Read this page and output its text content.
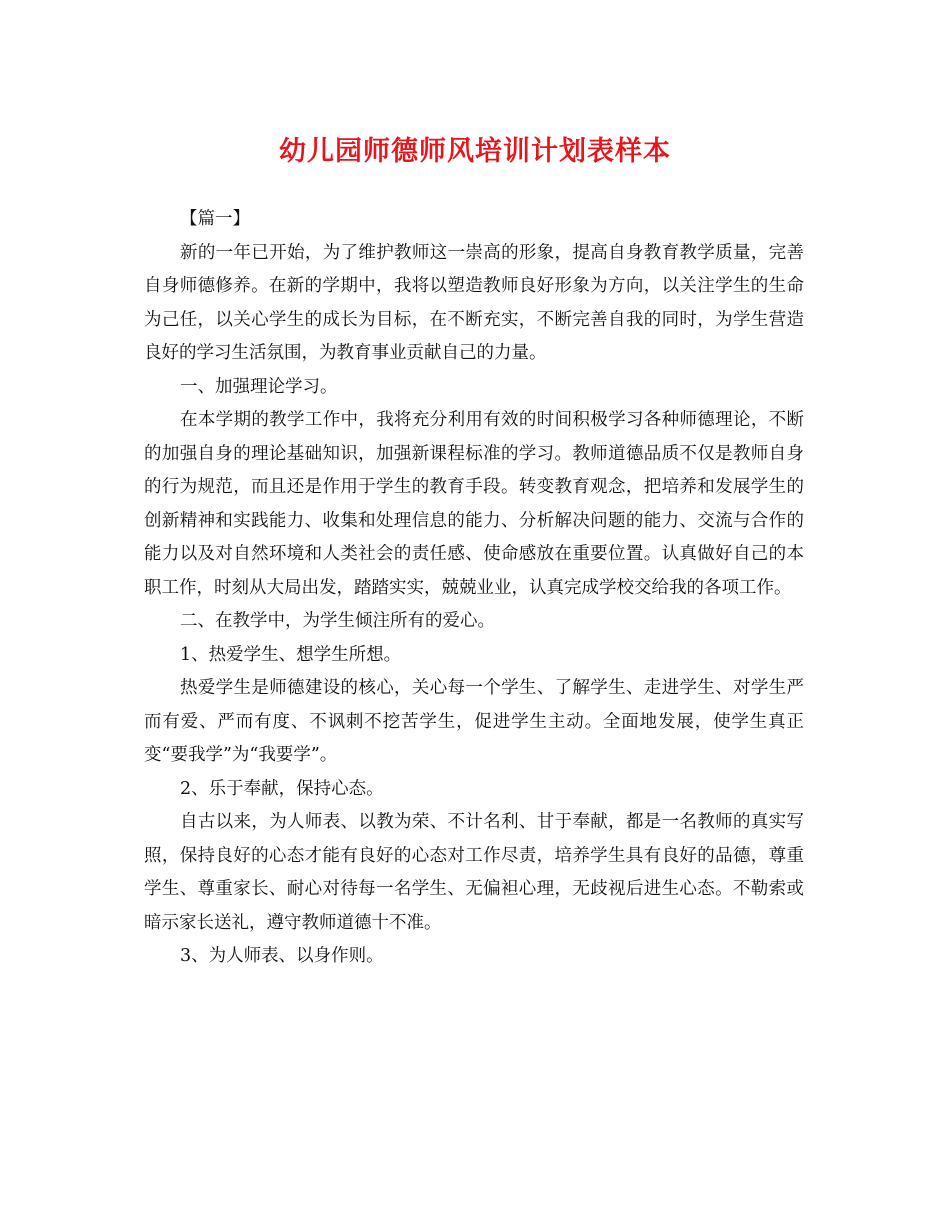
幼儿园师德师风培训计划表样本

【篇一】

新的一年已开始，为了维护教师这一崇高的形象，提高自身教育教学质量，完善自身师德修养。在新的学期中，我将以塑造教师良好形象为方向，以关注学生的生命为己任，以关心学生的成长为目标，在不断充实，不断完善自我的同时，为学生营造良好的学习生活氛围，为教育事业贡献自己的力量。

一、加强理论学习。

在本学期的教学工作中，我将充分利用有效的时间积极学习各种师德理论，不断的加强自身的理论基础知识，加强新课程标准的学习。教师道德品质不仅是教师自身的行为规范，而且还是作用于学生的教育手段。转变教育观念，把培养和发展学生的创新精神和实践能力、收集和处理信息的能力、分析解决问题的能力、交流与合作的能力以及对自然环境和人类社会的责任感、使命感放在重要位置。认真做好自己的本职工作，时刻从大局出发，踏踏实实，兢兢业业，认真完成学校交给我的各项工作。

二、在教学中，为学生倾注所有的爱心。

1、热爱学生、想学生所想。

热爱学生是师德建设的核心，关心每一个学生、了解学生、走进学生、对学生严而有爱、严而有度、不讽刺不挖苦学生，促进学生主动。全面地发展，使学生真正变“要我学”为“我要学”。

2、乐于奉献，保持心态。

自古以来，为人师表、以教为荣、不计名利、甘于奉献，都是一名教师的真实写照，保持良好的心态才能有良好的心态对工作尽责，培养学生具有良好的品德，尊重学生、尊重家长、耐心对待每一名学生、无偏袒心理，无歧视后进生心态。不勒索或暗示家长送礼，遵守教师道德十不准。

3、为人师表、以身作则。
